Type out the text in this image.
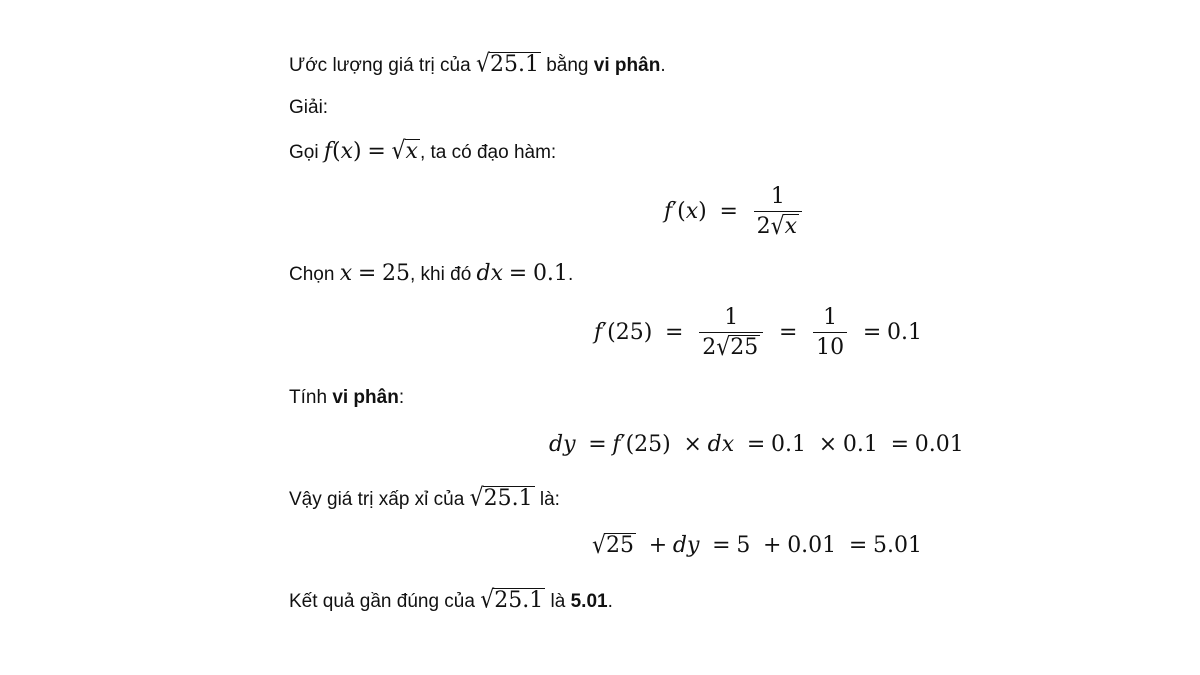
Ước lượng giá trị của √25.1 bằng vi phân.
Giải:
Gọi f(x) = √x , ta có đạo hàm:
$f'(x) = \frac{1}{2√x}$
Chọn x = 25, khi đó dx = 0.1.
$f'(25) = \frac{1}{2√25} = \frac{1}{10} = 0.1$
Tính vi phân:
dy = f′(25) × dx = 0.1 × 0.1 = 0.01
Vậy giá trị xấp xỉ của √25.1 là:
√25 + dy = 5 + 0.01 = 5.01
Kết quả gần đúng của √25.1 là 5.01.
